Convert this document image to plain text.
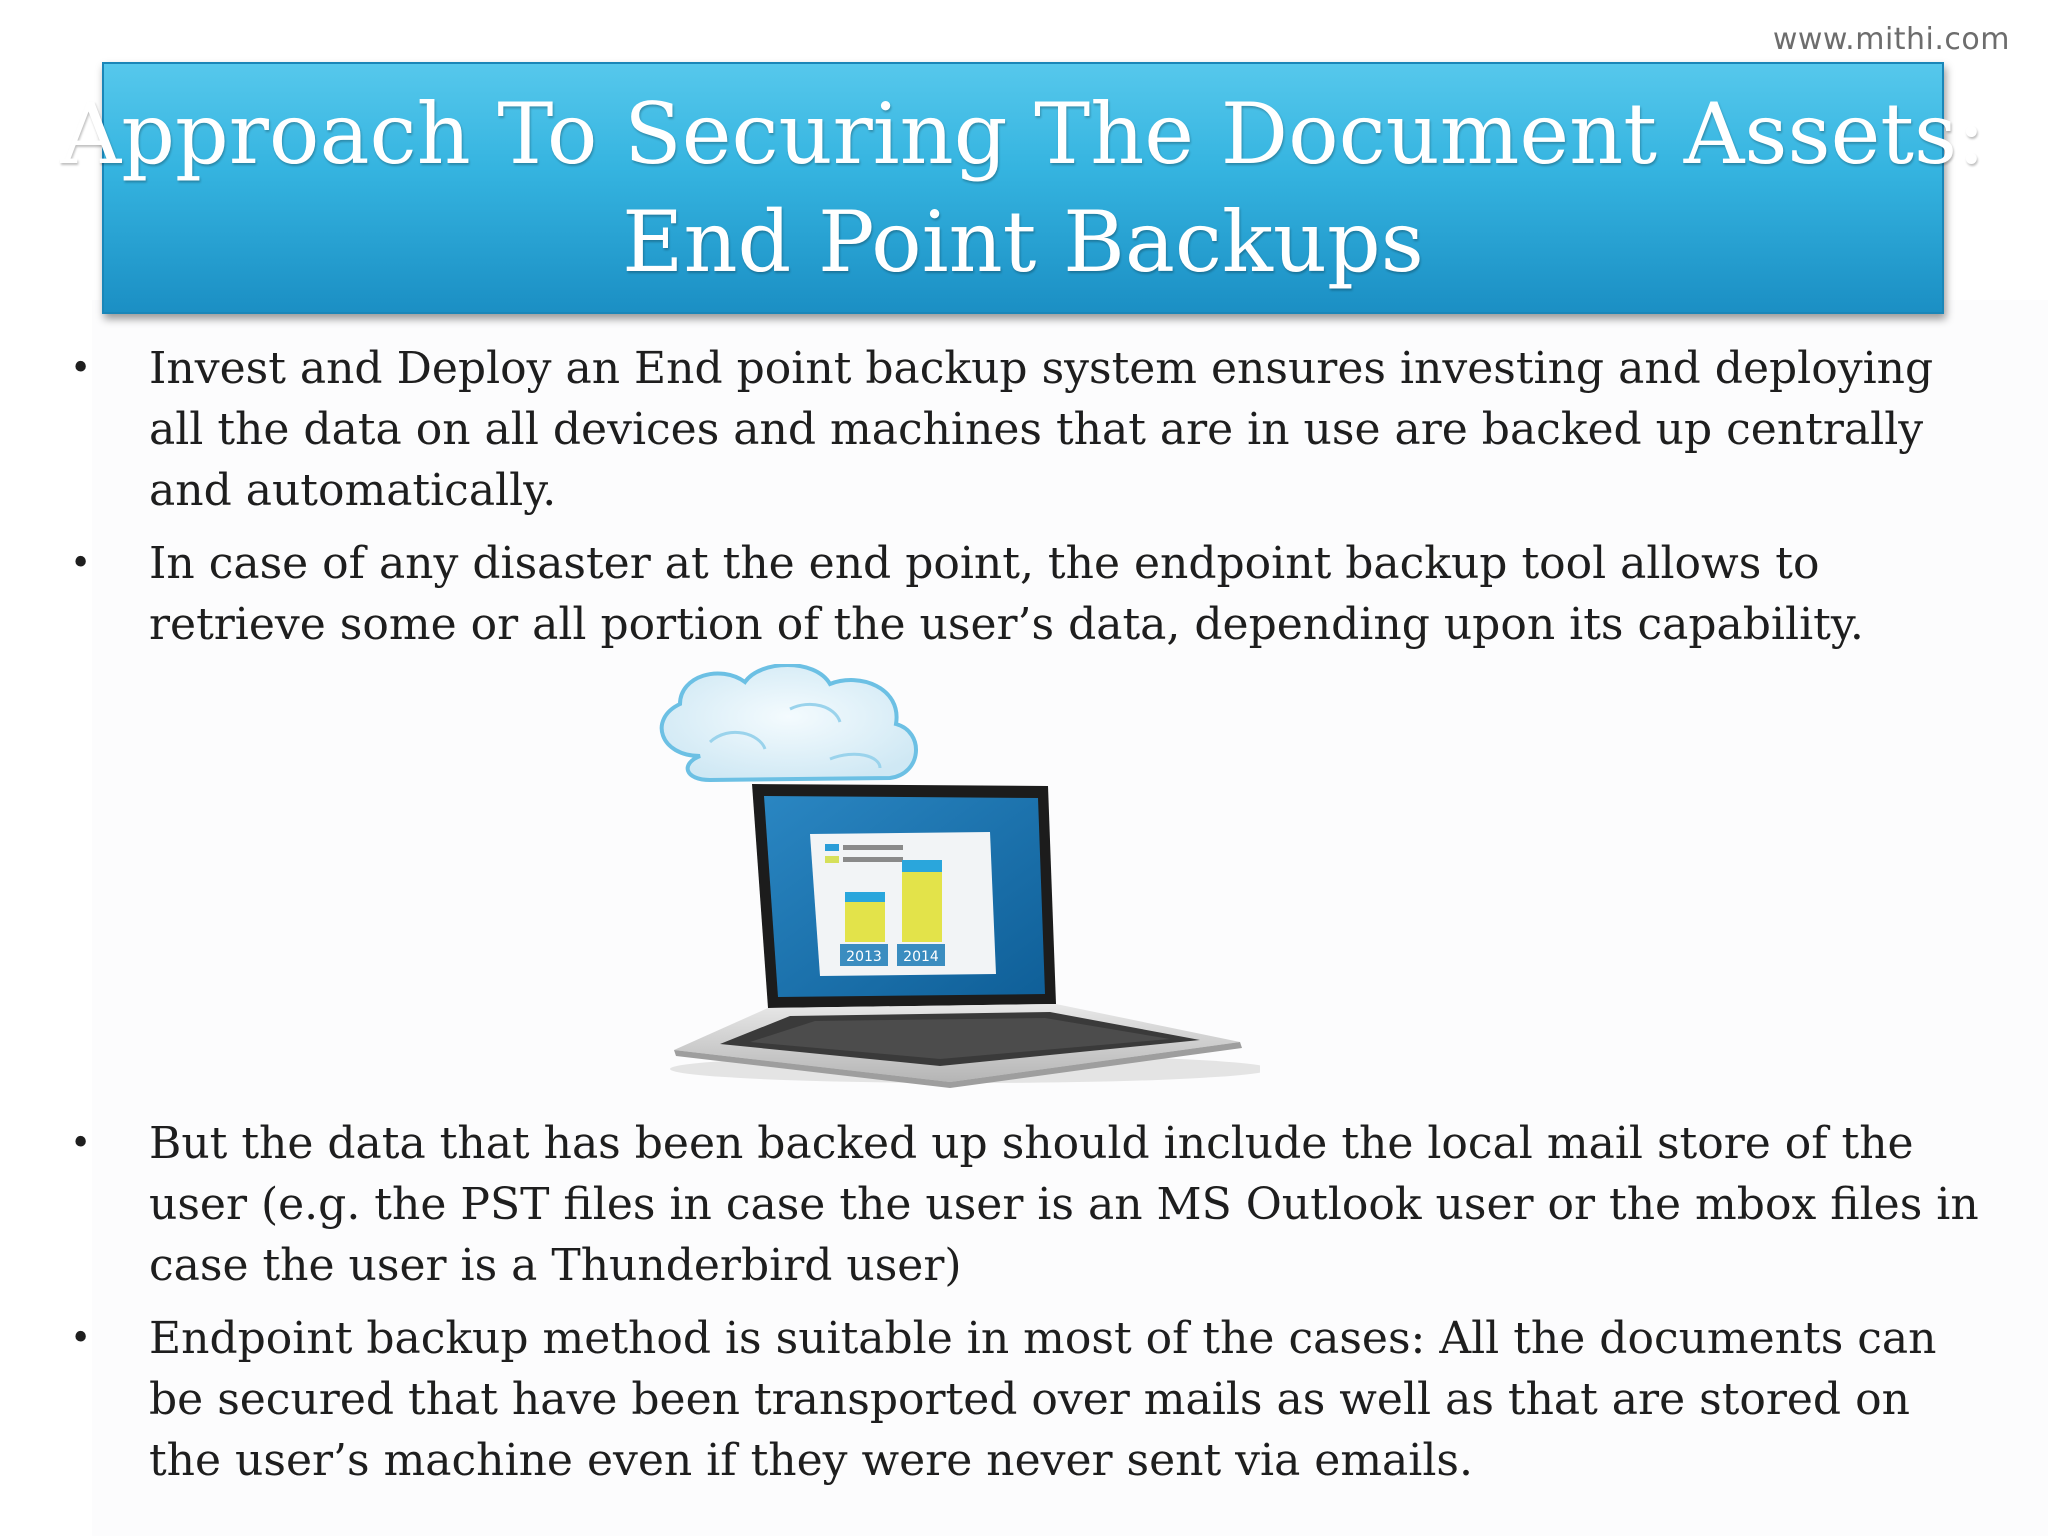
www.mithi.com
Approach To Securing The Document Assets:
End Point Backups
• Invest and Deploy an End point backup system ensures investing and deploying all the data on all devices and machines that are in use are backed up centrally and automatically.
• In case of any disaster at the end point, the endpoint backup tool allows to retrieve some or all portion of the user’s data, depending upon its capability.
2013 2014
• But the data that has been backed up should include the local mail store of the user (e.g. the PST files in case the user is an MS Outlook user or the mbox files in case the user is a Thunderbird user)
• Endpoint backup method is suitable in most of the cases: All the documents can be secured that have been transported over mails as well as that are stored on the user’s machine even if they were never sent via emails.
